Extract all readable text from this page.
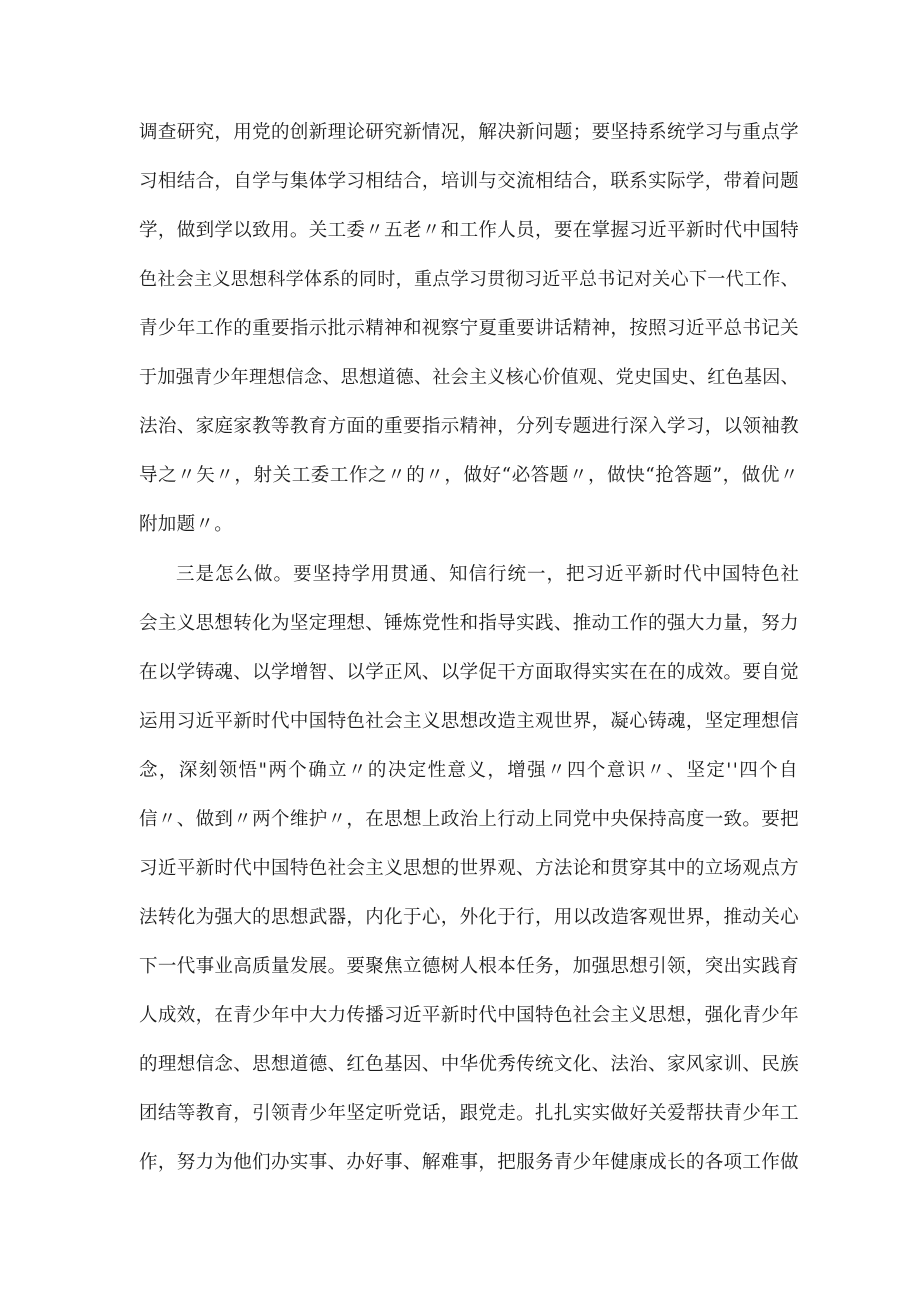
调查研究，用党的创新理论研究新情况，解决新问题；要坚持系统学习与重点学
习相结合，自学与集体学习相结合，培训与交流相结合，联系实际学，带着问题
学，做到学以致用。关工委〃五老〃和工作人员，要在掌握习近平新时代中国特
色社会主义思想科学体系的同时，重点学习贯彻习近平总书记对关心下一代工作、
青少年工作的重要指示批示精神和视察宁夏重要讲话精神，按照习近平总书记关
于加强青少年理想信念、思想道德、社会主义核心价值观、党史国史、红色基因、
法治、家庭家教等教育方面的重要指示精神，分列专题进行深入学习，以领袖教
导之〃矢〃，射关工委工作之〃的〃，做好“必答题〃，做快“抢答题”，做优〃
附加题〃。
三是怎么做。要坚持学用贯通、知信行统一，把习近平新时代中国特色社
会主义思想转化为坚定理想、锤炼党性和指导实践、推动工作的强大力量，努力
在以学铸魂、以学增智、以学正风、以学促干方面取得实实在在的成效。要自觉
运用习近平新时代中国特色社会主义思想改造主观世界，凝心铸魂，坚定理想信
念，深刻领悟"两个确立〃的决定性意义，增强〃四个意识〃、坚定''四个自
信〃、做到〃两个维护〃，在思想上政治上行动上同党中央保持高度一致。要把
习近平新时代中国特色社会主义思想的世界观、方法论和贯穿其中的立场观点方
法转化为强大的思想武器，内化于心，外化于行，用以改造客观世界，推动关心
下一代事业高质量发展。要聚焦立德树人根本任务，加强思想引领，突出实践育
人成效，在青少年中大力传播习近平新时代中国特色社会主义思想，强化青少年
的理想信念、思想道德、红色基因、中华优秀传统文化、法治、家风家训、民族
团结等教育，引领青少年坚定听党话，跟党走。扎扎实实做好关爱帮扶青少年工
作，努力为他们办实事、办好事、解难事，把服务青少年健康成长的各项工作做
